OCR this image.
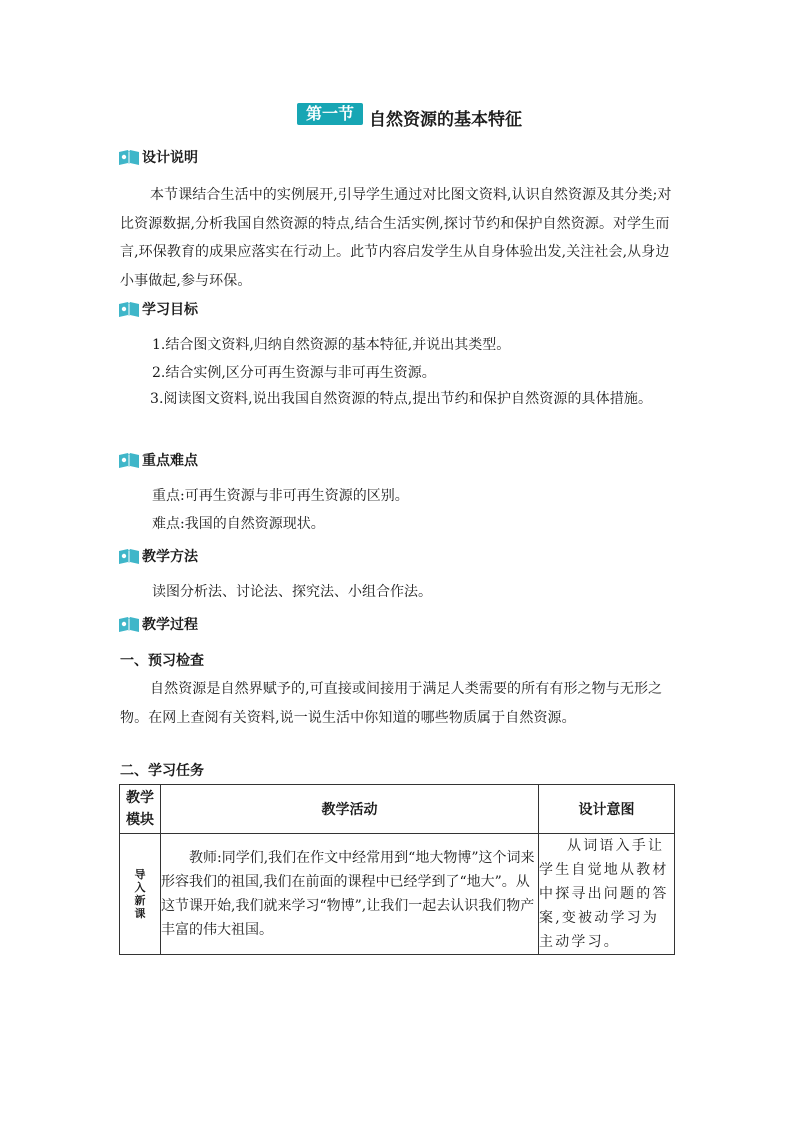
第一节 自然资源的基本特征
设计说明
本节课结合生活中的实例展开,引导学生通过对比图文资料,认识自然资源及其分类;对比资源数据,分析我国自然资源的特点,结合生活实例,探讨节约和保护自然资源。对学生而言,环保教育的成果应落实在行动上。此节内容启发学生从自身体验出发,关注社会,从身边小事做起,参与环保。
学习目标
1.结合图文资料,归纳自然资源的基本特征,并说出其类型。
2.结合实例,区分可再生资源与非可再生资源。
3.阅读图文资料,说出我国自然资源的特点,提出节约和保护自然资源的具体措施。
重点难点
重点:可再生资源与非可再生资源的区别。
难点:我国的自然资源现状。
教学方法
读图分析法、讨论法、探究法、小组合作法。
教学过程
一、预习检查
自然资源是自然界赋予的,可直接或间接用于满足人类需要的所有有形之物与无形之物。在网上查阅有关资料,说一说生活中你知道的哪些物质属于自然资源。
二、学习任务
教学模块	教学活动	设计意图
导入新课	教师:同学们,我们在作文中经常用到“地大物博”这个词来形容我们的祖国,我们在前面的课程中已经学到了“地大”。从这节课开始,我们就来学习“物博”,让我们一起去认识我们物产丰富的伟大祖国。	从词语入手让学生自觉地从教材中探寻出问题的答案,变被动学习为主动学习。
